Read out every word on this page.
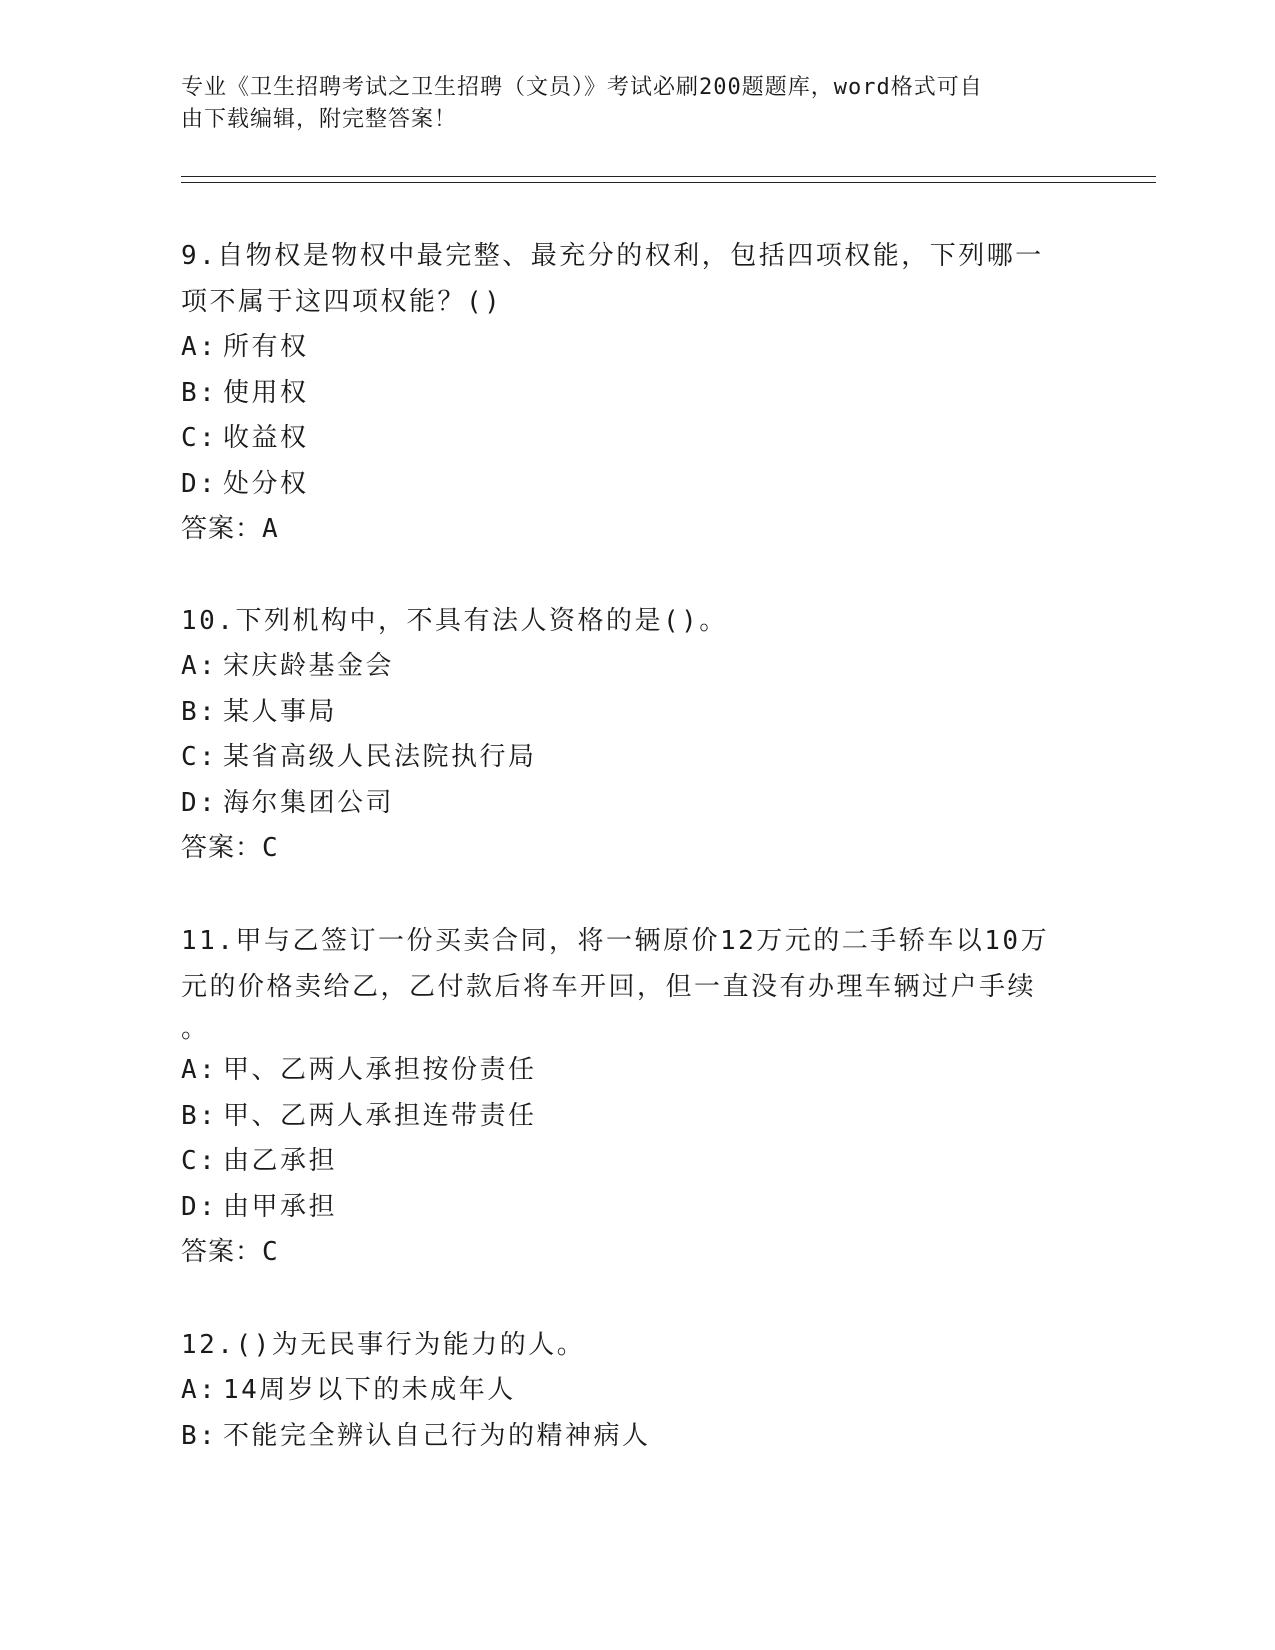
专业《卫生招聘考试之卫生招聘（文员）》考试必刷200题题库，word格式可自
由下载编辑，附完整答案！
9.自物权是物权中最完整、最充分的权利，包括四项权能，下列哪一
项不属于这四项权能？()
A: 所有权
B: 使用权
C: 收益权
D: 处分权
答案：A
10.下列机构中，不具有法人资格的是()。
A: 宋庆龄基金会
B: 某人事局
C: 某省高级人民法院执行局
D: 海尔集团公司
答案：C
11.甲与乙签订一份买卖合同，将一辆原价12万元的二手轿车以10万
元的价格卖给乙，乙付款后将车开回，但一直没有办理车辆过户手续
。
A: 甲、乙两人承担按份责任
B: 甲、乙两人承担连带责任
C: 由乙承担
D: 由甲承担
答案：C
12.()为无民事行为能力的人。
A: 14周岁以下的未成年人
B: 不能完全辨认自己行为的精神病人
